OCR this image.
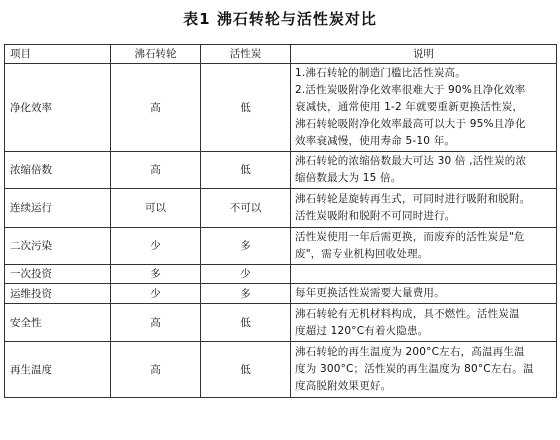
表1 沸石转轮与活性炭对比
项目	沸石转轮	活性炭	说明
净化效率	高	低	1.沸石转轮的制造门槛比活性炭高。
2.活性炭吸附净化效率很难大于 90%且净化效率
衰减快，通常使用 1-2 年就要重新更换活性炭，
沸石转轮吸附净化效率最高可以大于 95%且净化
效率衰减慢，使用寿命 5-10 年。

浓缩倍数	高	低	沸石转轮的浓缩倍数最大可达 30 倍 ,活性炭的浓
缩倍数最大为 15 倍。

连续运行	可以	不可以	沸石转轮是旋转再生式，可同时进行吸附和脱附。
活性炭吸附和脱附不可同时进行。

二次污染	少	多	活性炭使用一年后需更换，而废弃的活性炭是"危
废"，需专业机构回收处理。

一次投资	多	少	
运维投资	少	多	每年更换活性炭需要大量费用。

安全性	高	低	沸石转轮有无机材料构成，具不燃性。活性炭温
度超过 120°C有着火隐患。

再生温度	高	低	沸石转轮的再生温度为 200°C左右，高温再生温
度为 300°C；活性炭的再生温度为 80°C左右。温
度高脱附效果更好。
